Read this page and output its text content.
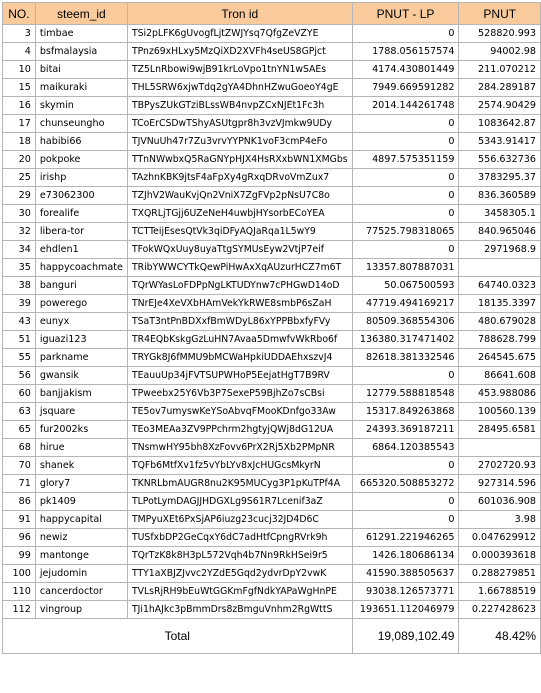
NO.	steem_id	Tron id	PNUT - LP	PNUT
3	timbae	TSi2pLFK6gUvogfLjtZWJYsq7QfgZeVZYE	0	528820.993
4	bsfmalaysia	TPnz69xHLxy5MzQiXD2XVFh4seUS8GPjct	1788.056157574	94002.98
10	bitai	TZ5LnRbowi9wjB91krLoVpo1tnYN1wSAEs	4174.430801449	211.070212
15	maikuraki	THL5SRW6xjwTdq2gYA4DhnHZwuGoeoY4gE	7949.669591282	284.289187
16	skymin	TBPysZUkGTziBLssWB4nvpZCxNJEt1Fc3h	2014.144261748	2574.90429
17	chunseungho	TCoErCSDwTShyASUtgpr8h3vzVJmkw9UDy	0	1083642.87
18	habibi66	TJVNuUh47r7Zu3vrvYYPNK1voF3cmP4eFo	0	5343.91417
20	pokpoke	TTnNWwbxQ5RaGNYpHJX4HsRXxbWN1XMGbs	4897.575351159	556.632736
25	irishp	TAzhnKBK9jtsF4aFpXy4gRxqDRvoVmZux7	0	3783295.37
29	e73062300	TZJhV2WauKvjQn2VniX7ZgFVp2pNsU7C8o	0	836.360589
30	forealife	TXQRLjTGjj6UZeNeH4uwbjHYsorbECoYEA	0	3458305.1
32	libera-tor	TCTTeijEsesQtVk3qiDFyAQJaRqa1L5wY9	77525.798318065	840.965046
34	ehdlen1	TFokWQxUuy8uyaTtgSYMUsEyw2VtjP7eif	0	2971968.9
35	happycoachmate	TRibYWWCYTkQewPiHwAxXqAUzurHCZ7m6T	13357.807887031	
38	banguri	TQrWYasLoFDPpNgLKTUDYnw7cPHGwD14oD	50.067500593	64740.0323
39	powerego	TNrEJe4XeVXbHAmVekYkRWE8smbP6sZaH	47719.494169217	18135.3397
43	eunyx	TSaT3ntPnBDXxfBmWDyL86xYPPBbxfyFVy	80509.368554306	480.679028
51	iguazi123	TR4EQbKskgGzLuHN7Avaa5DmwfvWkRbo6f	136380.317471402	788628.799
55	parkname	TRYGk8J6fMMU9bMCWaHpkiUDDAEhxszvJ4	82618.381332546	264545.675
56	gwansik	TEauuUp34jFVTSUPWHoP5EejatHgT7B9RV	0	86641.608
60	banjjakism	TPweebx25Y6Vb3P7SexeP59BjhZo7sCBsi	12779.588818548	453.988086
63	jsquare	TE5ov7umyswKeYSoAbvqFMooKDnfgo33Aw	15317.849263868	100560.139
65	fur2002ks	TEo3MEAa3ZV9PPchrm2hgtyjQWj8dG12UA	24393.369187211	28495.6581
68	hirue	TNsmwHY95bh8XzFovv6PrX2Rj5Xb2PMpNR	6864.120385543	
70	shanek	TQFb6MtfXv1fz5vYbLYv8xJcHUGcsMkyrN	0	2702720.93
71	glory7	TKNRLbmAUGR8nu2K95MUCyg3P1pKuTPf4A	665320.508853272	927314.596
86	pk1409	TLPotLymDAGJJHDGXLg9S61R7Lcenif3aZ	0	601036.908
91	happycapital	TMPyuXEt6PxSjAP6iuzg23cucj32JD4D6C	0	3.98
96	newiz	TUSfxbDP2GeCqxY6dC7adHtfCpngRVrk9h	61291.221946265	0.047629912
99	mantonge	TQrTzK8k8H3pL572Vqh4b7Nn9RkHSei9r5	1426.180686134	0.000393618
100	jejudomin	TTY1aXBJZJvvc2YZdE5Gqd2ydvrDpY2vwK	41590.388505637	0.288279851
110	cancerdoctor	TVLsRjRH9bEuWtGGKmFgfNdkYAPaWgHnPE	93038.126573771	1.66788519
112	vingroup	TJi1hAJkc3pBmmDrs8zBmguVnhm2RgWttS	193651.112046979	0.227428623
Total			19,089,102.49	48.42%
